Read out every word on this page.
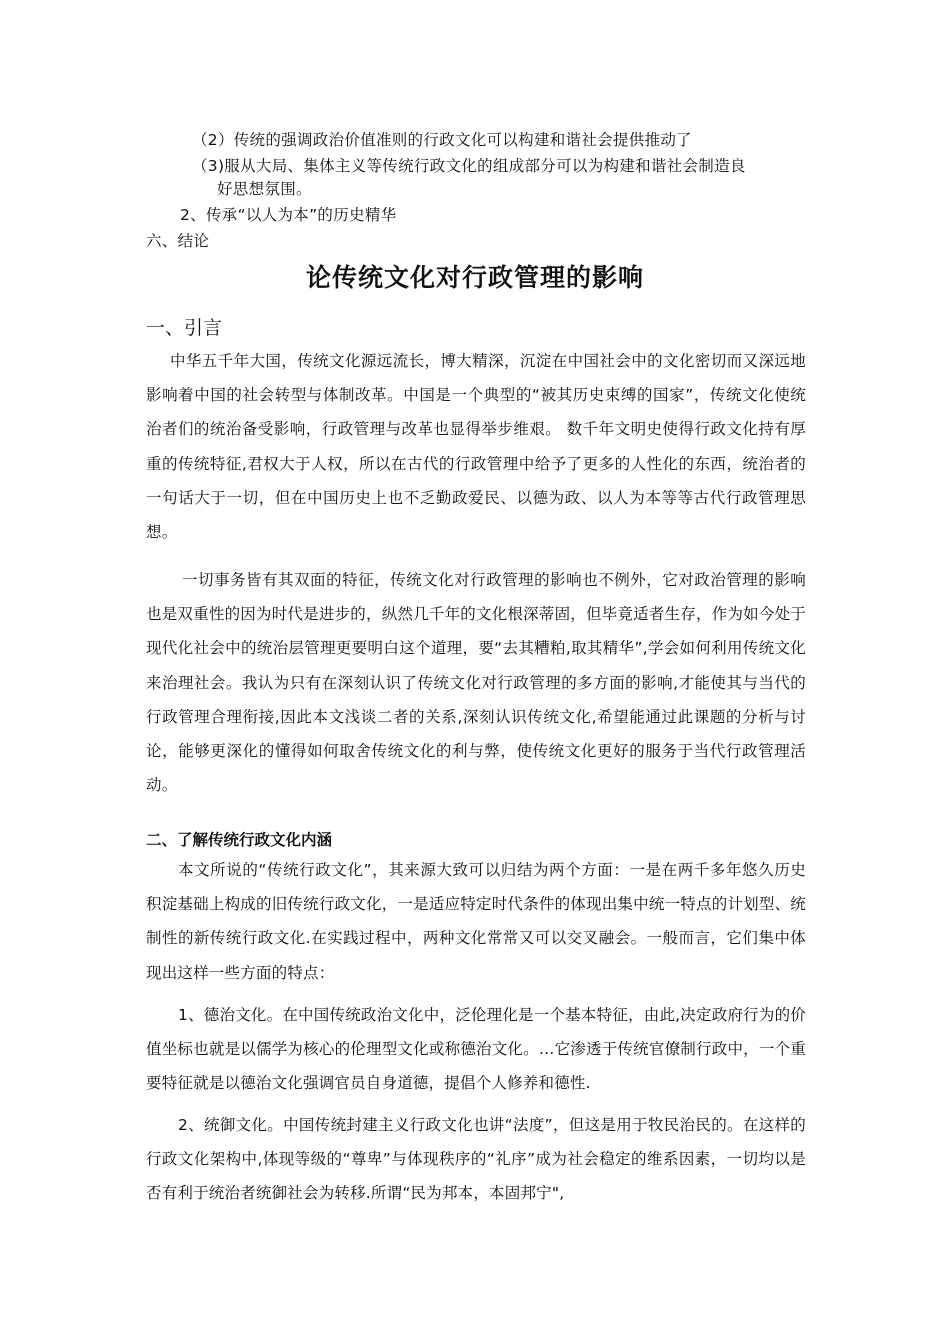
（2）传统的强调政治价值准则的行政文化可以构建和谐社会提供推动了
（3)服从大局、集体主义等传统行政文化的组成部分可以为构建和谐社会制造良
好思想氛围。
2、传承“以人为本”的历史精华
六、结论
论传统文化对行政管理的影响
一、引言

中华五千年大国，传统文化源远流长，博大精深，沉淀在中国社会中的文化密切而又深远地影响着中国的社会转型与体制改革。中国是一个典型的“被其历史束缚的国家”，传统文化使统治者们的统治备受影响，行政管理与改革也显得举步维艰。 数千年文明史使得行政文化持有厚重的传统特征,君权大于人权，所以在古代的行政管理中给予了更多的人性化的东西，统治者的一句话大于一切，但在中国历史上也不乏勤政爱民、以德为政、以人为本等等古代行政管理思想。

一切事务皆有其双面的特征，传统文化对行政管理的影响也不例外，它对政治管理的影响也是双重性的因为时代是进步的，纵然几千年的文化根深蒂固，但毕竟适者生存，作为如今处于现代化社会中的统治层管理更要明白这个道理，要“去其糟粕,取其精华”,学会如何利用传统文化来治理社会。我认为只有在深刻认识了传统文化对行政管理的多方面的影响,才能使其与当代的行政管理合理衔接,因此本文浅谈二者的关系,深刻认识传统文化,希望能通过此课题的分析与讨论，能够更深化的懂得如何取舍传统文化的利与弊，使传统文化更好的服务于当代行政管理活动。

二、了解传统行政文化内涵

本文所说的“传统行政文化”，其来源大致可以归结为两个方面：一是在两千多年悠久历史积淀基础上构成的旧传统行政文化，一是适应特定时代条件的体现出集中统一特点的计划型、统制性的新传统行政文化.在实践过程中，两种文化常常又可以交叉融会。一般而言，它们集中体现出这样一些方面的特点：

1、德治文化。在中国传统政治文化中，泛伦理化是一个基本特征，由此,决定政府行为的价值坐标也就是以儒学为核心的伦理型文化或称德治文化。…它渗透于传统官僚制行政中，一个重要特征就是以德治文化强调官员自身道德，提倡个人修养和德性.

2、统御文化。中国传统封建主义行政文化也讲“法度”，但这是用于牧民治民的。在这样的行政文化架构中,体现等级的“尊卑”与体现秩序的“礼序”成为社会稳定的维系因素，一切均以是否有利于统治者统御社会为转移.所谓“民为邦本，本固邦宁",
